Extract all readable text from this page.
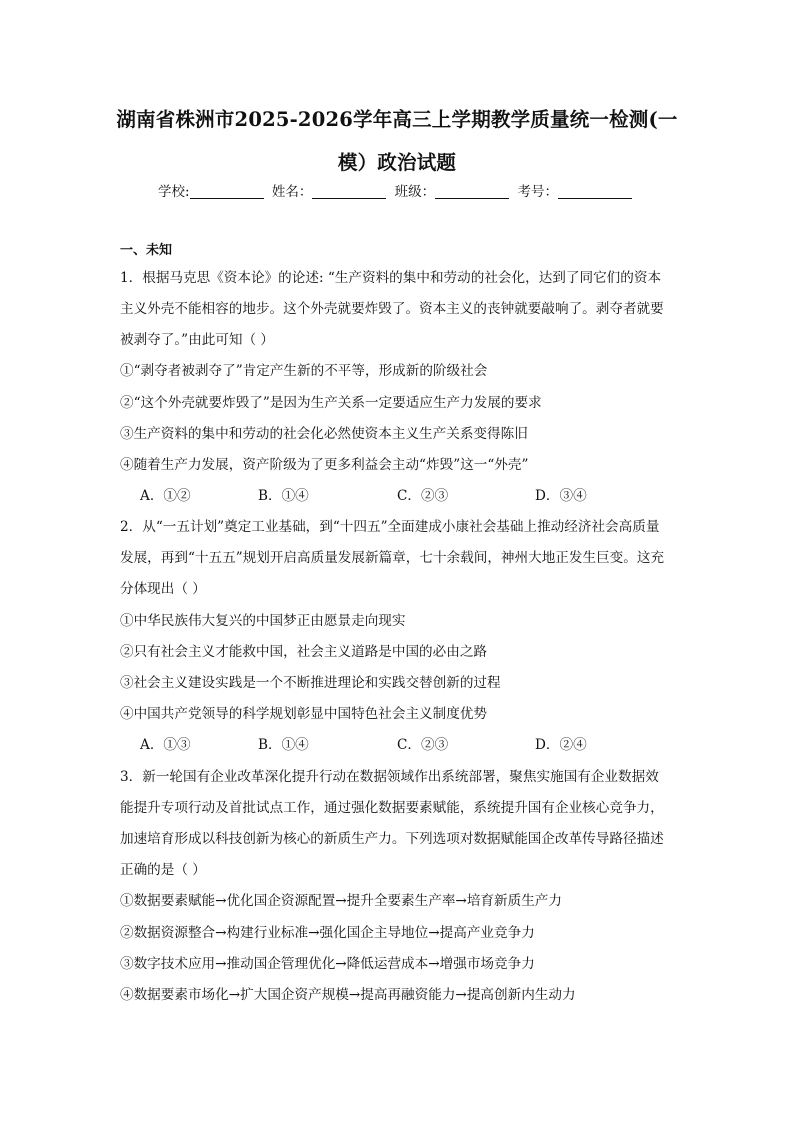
湖南省株洲市2025-2026学年高三上学期教学质量统一检测(一
模）政治试题
学校:	姓名：	班级：	考号：
一、未知
1．根据马克思《资本论》的论述: “生产资料的集中和劳动的社会化，达到了同它们的资本
主义外壳不能相容的地步。这个外壳就要炸毁了。资本主义的丧钟就要敲响了。剥夺者就要
被剥夺了。”由此可知（ ）
①“剥夺者被剥夺了”肯定产生新的不平等，形成新的阶级社会
②“这个外壳就要炸毁了”是因为生产关系一定要适应生产力发展的要求
③生产资料的集中和劳动的社会化必然使资本主义生产关系变得陈旧
④随着生产力发展，资产阶级为了更多利益会主动“炸毁”这一“外壳”
A．①②	B．①④	C．②③	D．③④
2．从“一五计划”奠定工业基础，到“十四五”全面建成小康社会基础上推动经济社会高质量
发展，再到“十五五”规划开启高质量发展新篇章，七十余载间，神州大地正发生巨变。这充
分体现出（ ）
①中华民族伟大复兴的中国梦正由愿景走向现实
②只有社会主义才能救中国，社会主义道路是中国的必由之路
③社会主义建设实践是一个不断推进理论和实践交替创新的过程
④中国共产党领导的科学规划彰显中国特色社会主义制度优势
A．①③	B．①④	C．②③	D．②④
3．新一轮国有企业改革深化提升行动在数据领域作出系统部署，聚焦实施国有企业数据效
能提升专项行动及首批试点工作，通过强化数据要素赋能，系统提升国有企业核心竞争力，
加速培育形成以科技创新为核心的新质生产力。下列选项对数据赋能国企改革传导路径描述
正确的是（ ）
①数据要素赋能→优化国企资源配置→提升全要素生产率→培育新质生产力
②数据资源整合→构建行业标准→强化国企主导地位→提高产业竞争力
③数字技术应用→推动国企管理优化→降低运营成本→增强市场竞争力
④数据要素市场化→扩大国企资产规模→提高再融资能力→提高创新内生动力
